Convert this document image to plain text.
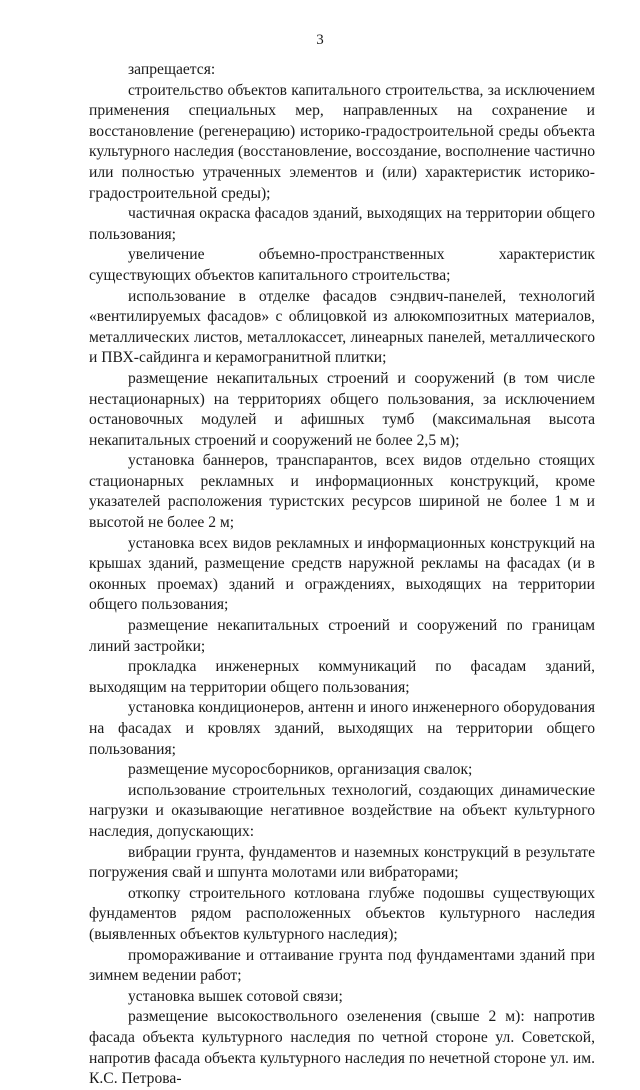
3

запрещается:

строительство объектов капитального строительства, за исключением применения специальных мер, направленных на сохранение и восстановление (регенерацию) историко-градостроительной среды объекта культурного наследия (восстановление, воссоздание, восполнение частично или полностью утраченных элементов и (или) характеристик историко-градостроительной среды);

частичная окраска фасадов зданий, выходящих на территории общего пользования;

увеличение объемно-пространственных характеристик существующих объектов капитального строительства;

использование в отделке фасадов сэндвич-панелей, технологий «вентилируемых фасадов» с облицовкой из алюкомпозитных материалов, металлических листов, металлокассет, линеарных панелей, металлического и ПВХ-сайдинга и керамогранитной плитки;

размещение некапитальных строений и сооружений (в том числе нестационарных) на территориях общего пользования, за исключением остановочных модулей и афишных тумб (максимальная высота некапитальных строений и сооружений не более 2,5 м);

установка баннеров, транспарантов, всех видов отдельно стоящих стационарных рекламных и информационных конструкций, кроме указателей расположения туристских ресурсов шириной не более 1 м и высотой не более 2 м;

установка всех видов рекламных и информационных конструкций на крышах зданий, размещение средств наружной рекламы на фасадах (и в оконных проемах) зданий и ограждениях, выходящих на территории общего пользования;

размещение некапитальных строений и сооружений по границам линий застройки;

прокладка инженерных коммуникаций по фасадам зданий, выходящим на территории общего пользования;

установка кондиционеров, антенн и иного инженерного оборудования на фасадах и кровлях зданий, выходящих на территории общего пользования;

размещение мусоросборников, организация свалок;

использование строительных технологий, создающих динамические нагрузки и оказывающие негативное воздействие на объект культурного наследия, допускающих:

вибрации грунта, фундаментов и наземных конструкций в результате погружения свай и шпунта молотами или вибраторами;

откопку строительного котлована глубже подошвы существующих фундаментов рядом расположенных объектов культурного наследия (выявленных объектов культурного наследия);

промораживание и оттаивание грунта под фундаментами зданий при зимнем ведении работ;

установка вышек сотовой связи;

размещение высокоствольного озеленения (свыше 2 м): напротив фасада объекта культурного наследия по четной стороне ул. Советской, напротив фасада объекта культурного наследия по нечетной стороне ул. им. К.С. Петрова-
